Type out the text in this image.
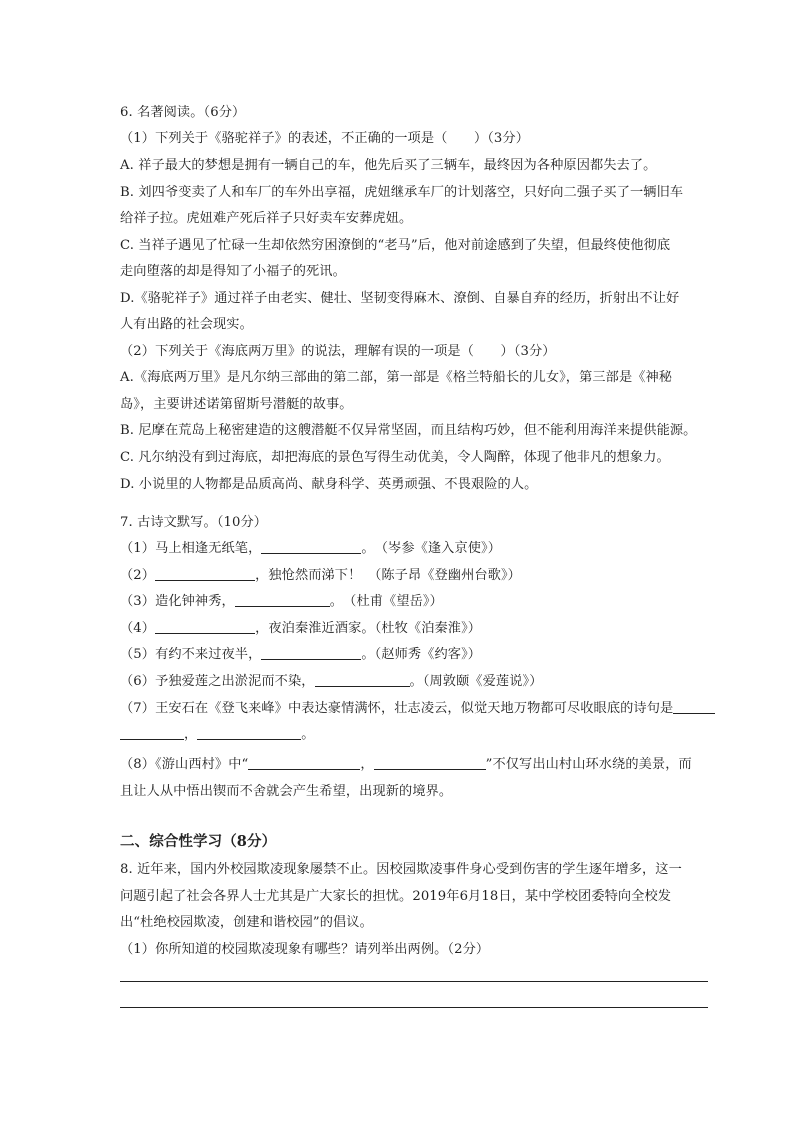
6. 名著阅读。（6分）
（1）下列关于《骆驼祥子》的表述，不正确的一项是（　　）（3分）
A. 祥子最大的梦想是拥有一辆自己的车，他先后买了三辆车，最终因为各种原因都失去了。
B. 刘四爷变卖了人和车厂的车外出享福，虎妞继承车厂的计划落空，只好向二强子买了一辆旧车
给祥子拉。虎妞难产死后祥子只好卖车安葬虎妞。
C. 当祥子遇见了忙碌一生却依然穷困潦倒的“老马”后，他对前途感到了失望，但最终使他彻底
走向堕落的却是得知了小福子的死讯。
D.《骆驼祥子》通过祥子由老实、健壮、坚韧变得麻木、潦倒、自暴自弃的经历，折射出不让好
人有出路的社会现实。
（2）下列关于《海底两万里》的说法，理解有误的一项是（　　）（3分）
A.《海底两万里》是凡尔纳三部曲的第二部，第一部是《格兰特船长的儿女》，第三部是《神秘
岛》，主要讲述诺第留斯号潜艇的故事。
B. 尼摩在荒岛上秘密建造的这艘潜艇不仅异常坚固，而且结构巧妙，但不能利用海洋来提供能源。
C. 凡尔纳没有到过海底，却把海底的景色写得生动优美，令人陶醉，体现了他非凡的想象力。
D. 小说里的人物都是品质高尚、献身科学、英勇顽强、不畏艰险的人。
7. 古诗文默写。（10分）
（1）马上相逢无纸笔，	。　（岑参《逢入京使》）
（2）	，独怆然而涕下！　（陈子昂《登幽州台歌》）
（3）造化钟神秀，	。　（杜甫《望岳》）
（4）	，夜泊秦淮近酒家。（杜牧《泊秦淮》）
（5）有约不来过夜半，	。（赵师秀《约客》）
（6）予独爱莲之出淤泥而不染，	。（周敦颐《爱莲说》）
（7）王安石在《登飞来峰》中表达豪情满怀，壮志凌云，似觉天地万物都可尽收眼底的诗句是
，	。
（8）《游山西村》中“	，	”不仅写出山村山环水绕的美景，而
且让人从中悟出锲而不舍就会产生希望，出现新的境界。
二、综合性学习（8分）
8. 近年来，国内外校园欺凌现象屡禁不止。因校园欺凌事件身心受到伤害的学生逐年增多，这一
问题引起了社会各界人士尤其是广大家长的担忧。2019年6月18日，某中学校团委特向全校发
出“杜绝校园欺凌，创建和谐校园”的倡议。
（1）你所知道的校园欺凌现象有哪些？请列举出两例。（2分）
